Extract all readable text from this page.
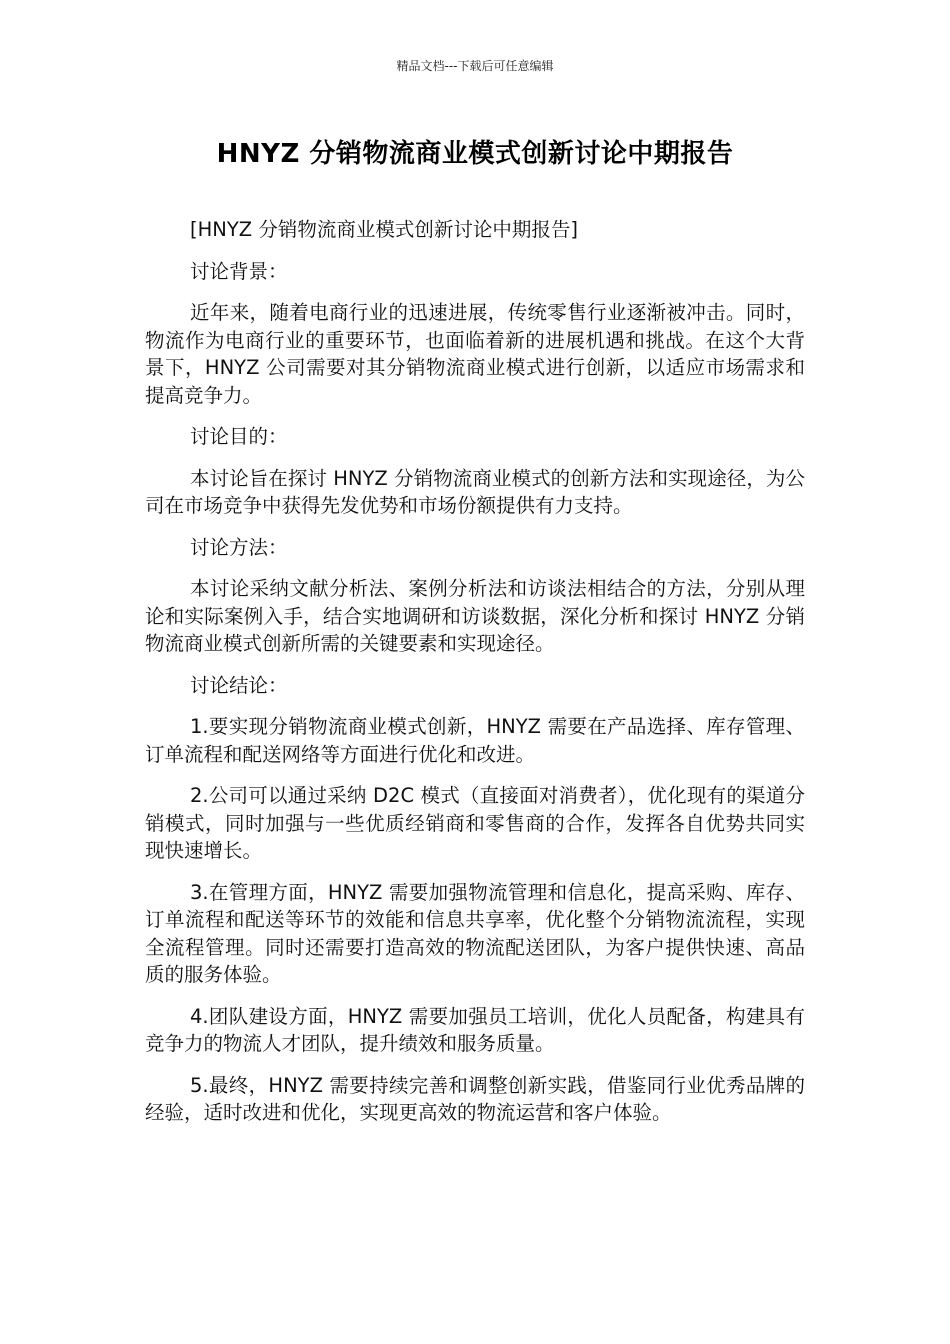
精品文档---下载后可任意编辑
HNYZ 分销物流商业模式创新讨论中期报告

[HNYZ 分销物流商业模式创新讨论中期报告]

讨论背景：

近年来，随着电商行业的迅速进展，传统零售行业逐渐被冲击。同时，物流作为电商行业的重要环节，也面临着新的进展机遇和挑战。在这个大背景下，HNYZ 公司需要对其分销物流商业模式进行创新，以适应市场需求和提高竞争力。

讨论目的：

本讨论旨在探讨 HNYZ 分销物流商业模式的创新方法和实现途径，为公司在市场竞争中获得先发优势和市场份额提供有力支持。

讨论方法：

本讨论采纳文献分析法、案例分析法和访谈法相结合的方法，分别从理论和实际案例入手，结合实地调研和访谈数据，深化分析和探讨 HNYZ 分销物流商业模式创新所需的关键要素和实现途径。

讨论结论：

1.要实现分销物流商业模式创新，HNYZ 需要在产品选择、库存管理、订单流程和配送网络等方面进行优化和改进。

2.公司可以通过采纳 D2C 模式（直接面对消费者），优化现有的渠道分销模式，同时加强与一些优质经销商和零售商的合作，发挥各自优势共同实现快速增长。

3.在管理方面，HNYZ 需要加强物流管理和信息化，提高采购、库存、订单流程和配送等环节的效能和信息共享率，优化整个分销物流流程，实现全流程管理。同时还需要打造高效的物流配送团队，为客户提供快速、高品质的服务体验。

4.团队建设方面，HNYZ 需要加强员工培训，优化人员配备，构建具有竞争力的物流人才团队，提升绩效和服务质量。

5.最终，HNYZ 需要持续完善和调整创新实践，借鉴同行业优秀品牌的经验，适时改进和优化，实现更高效的物流运营和客户体验。
